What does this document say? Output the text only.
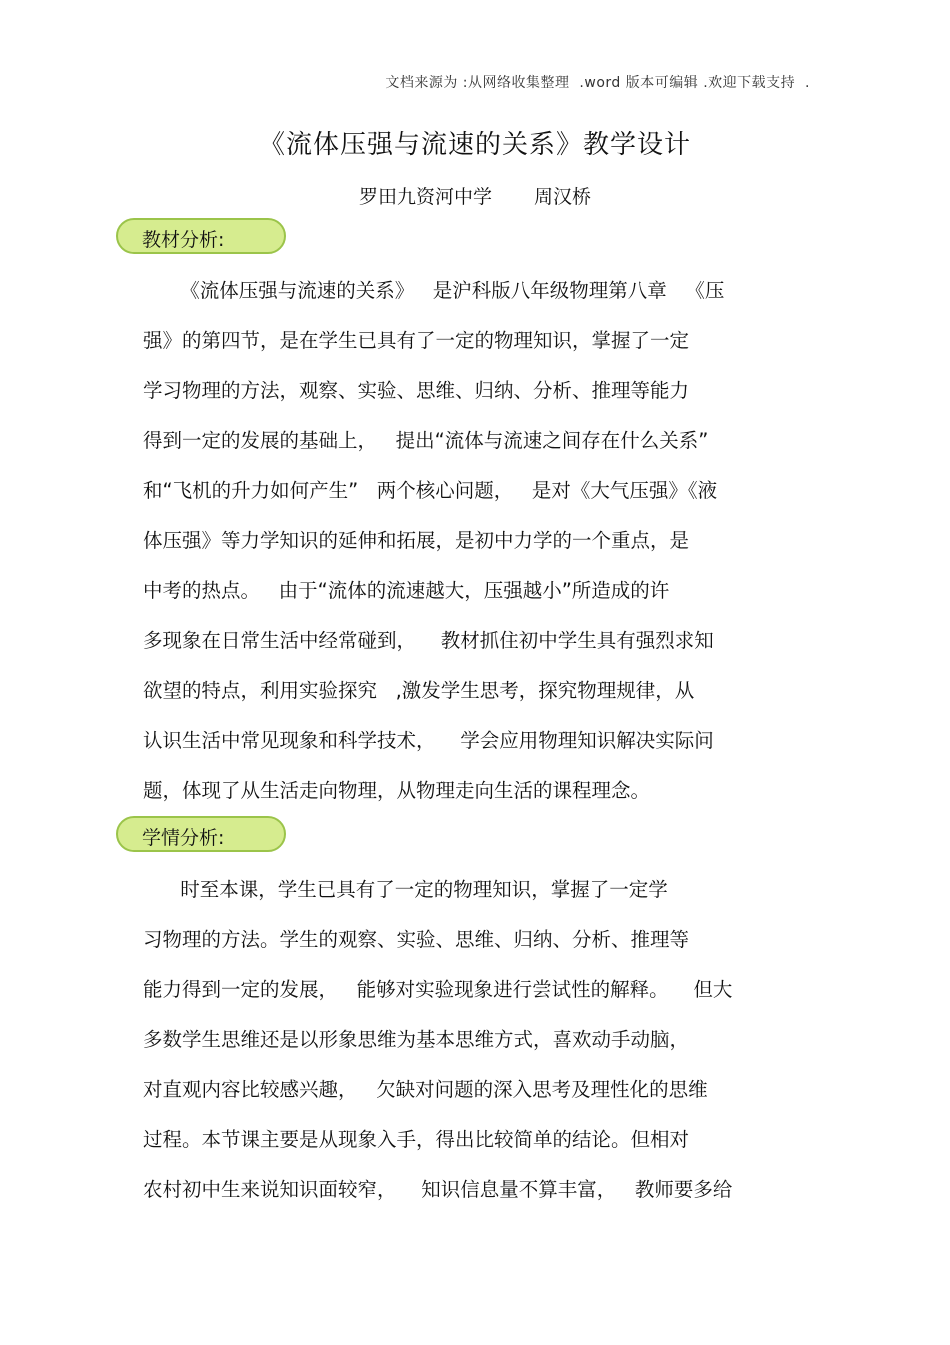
文档来源为 :从网络收集整理  .word 版本可编辑 .欢迎下载支持  .
《流体压强与流速的关系》教学设计
罗田九资河中学 周汉桥
教材分析:
《流体压强与流速的关系》   是沪科版八年级物理第八章   《压
强》的第四节，是在学生已具有了一定的物理知识，掌握了一定
学习物理的方法，观察、实验、思维、归纳、分析、推理等能力
得到一定的发展的基础上，   提出“流体与流速之间存在什么关系”
和“飞机的升力如何产生”   两个核心问题，   是对《大气压强》《液
体压强》等力学知识的延伸和拓展，是初中力学的一个重点，是
中考的热点。   由于“流体的流速越大，压强越小”所造成的许
多现象在日常生活中经常碰到，    教材抓住初中学生具有强烈求知
欲望的特点，利用实验探究   ,激发学生思考，探究物理规律，从
认识生活中常见现象和科学技术，    学会应用物理知识解决实际问
题，体现了从生活走向物理，从物理走向生活的课程理念。
学情分析:
时至本课，学生已具有了一定的物理知识，掌握了一定学
习物理的方法。学生的观察、实验、思维、归纳、分析、推理等
能力得到一定的发展，   能够对实验现象进行尝试性的解释。    但大
多数学生思维还是以形象思维为基本思维方式，喜欢动手动脑，
对直观内容比较感兴趣，   欠缺对问题的深入思考及理性化的思维
过程。本节课主要是从现象入手，得出比较简单的结论。但相对
农村初中生来说知识面较窄，    知识信息量不算丰富，   教师要多给
